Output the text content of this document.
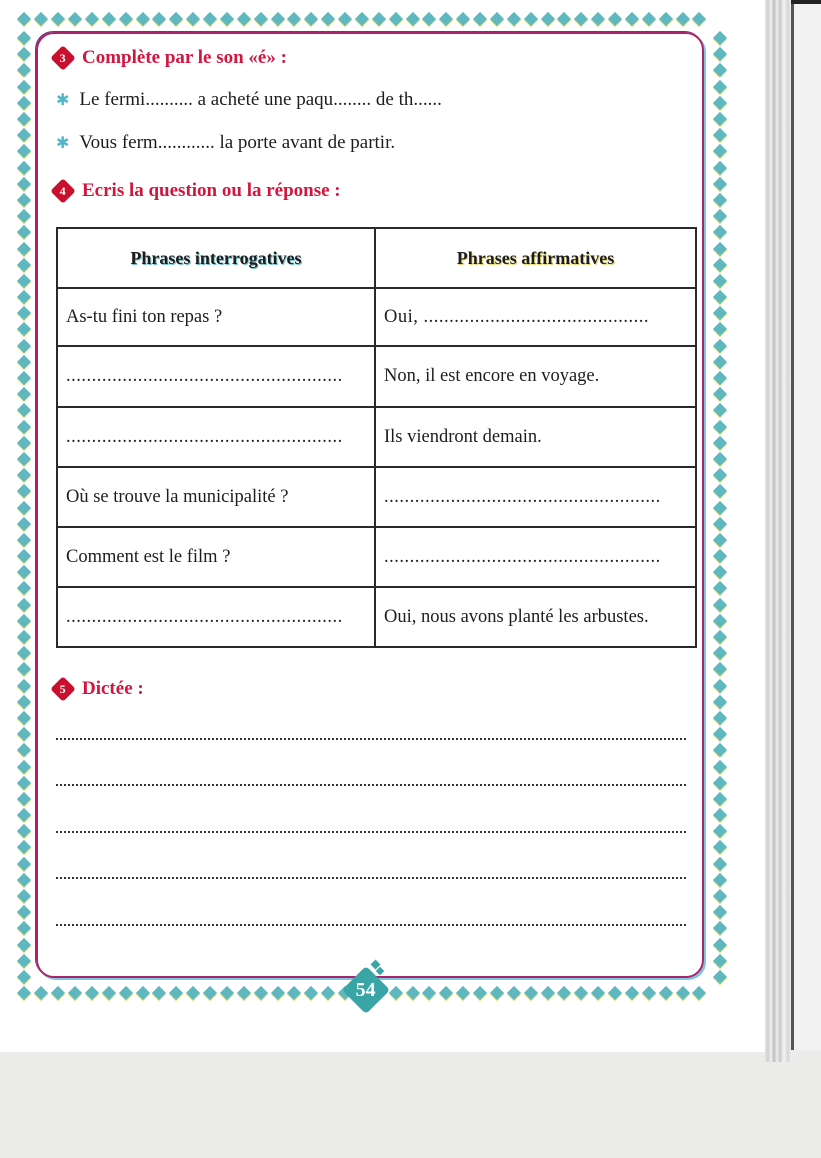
3 Complète par le son «é» :
✱ Le fermi.......... a acheté une paqu........ de th......
✱ Vous ferm............ la porte avant de partir.
4 Ecris la question ou la réponse :
Phrases interrogatives	Phrases affirmatives
As-tu fini ton repas ?	Oui, ............................................
......................................................	Non, il est encore en voyage.
......................................................	Ils viendront demain.
Où se trouve la municipalité ?	......................................................
Comment est le film ?	......................................................
......................................................	Oui, nous avons planté les arbustes.
5 Dictée :
54
